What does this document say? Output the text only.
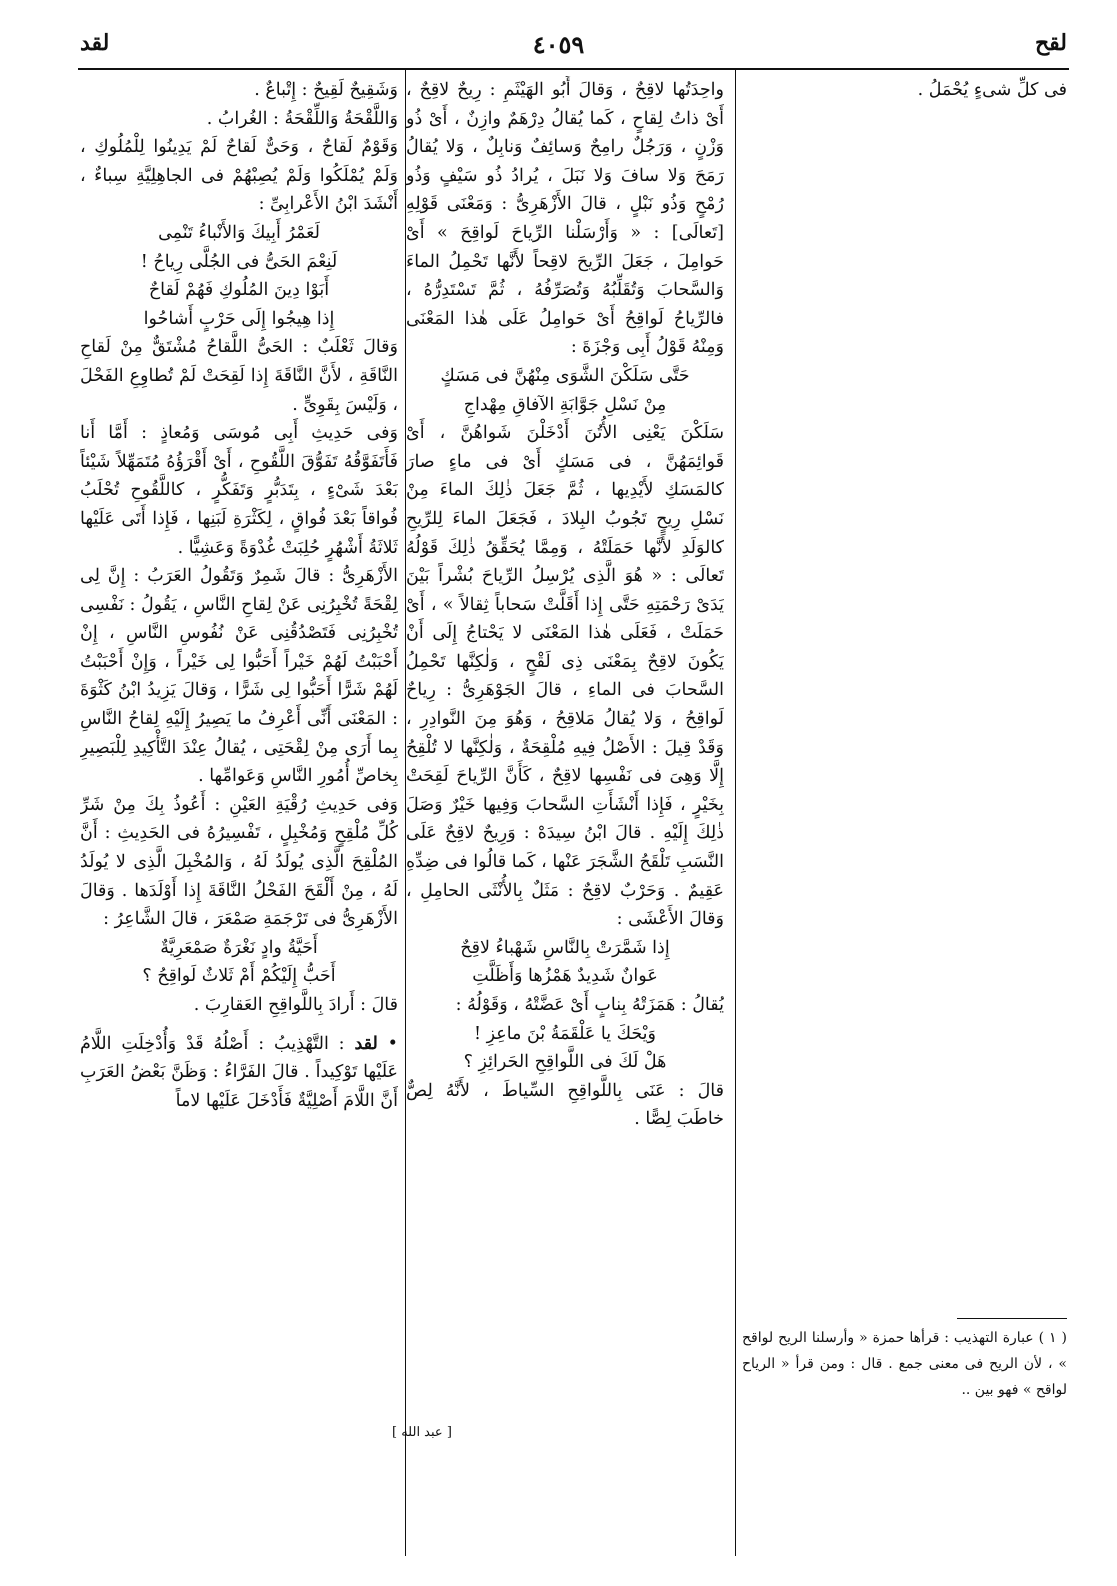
لقح
٤٠٥٩
لقد

فى كلِّ شىءٍ يُحْمَلُ .

واحِدَتُها لاقِحٌ ، وَقالَ أَبُو الهَيْثَمِ : رِيحٌ لاقِحٌ ، أَىْ ذاتُ لِقاحٍ ، كَما يُقالُ دِرْهَمٌ وازِنٌ ، أَىْ ذُو وَزْنٍ ، وَرَجُلٌ رامِحٌ وَسائِفٌ وَنابِلٌ ، وَلا يُقالُ رَمَحَ وَلا سافَ وَلا نَبَلَ ، يُرادُ ذُو سَيْفٍ وَذُو رُمْحٍ وَذُو نَبْلٍ ، قالَ الأَزْهَرِىُّ : وَمَعْنَى قَوْلِهِ [تَعالَى] : « وَأَرْسَلْنا الرِّياحَ لَواقِحَ » أَىْ حَوامِلَ ، جَعَلَ الرِّيحَ لاقِحاً لأَنَّها تَحْمِلُ الماءَ وَالسَّحابَ وَتُقَلِّبُهُ وَتُصَرِّفُهُ ، ثُمَّ تَسْتَدِرُّهُ ، فالرِّياحُ لَواقِحُ أَىْ حَوامِلُ عَلَى هٰذا المَعْنَى وَمِنْهُ قَوْلُ أَبِى وَجْزَةَ :

حَتَّى سَلَكْنَ الشَّوَى مِنْهُنَّ فى مَسَكٍ

مِنْ نَسْلِ جَوَّابَةِ الآفاقِ مِهْداجِ

سَلَكْنَ يَعْنِى الأُتُنَ أَدْخَلْنَ شَواهُنَّ ، أَىْ قَوائِمَهُنَّ ، فى مَسَكٍ أَىْ فى ماءٍ صارَ كالمَسَكِ لأَيْدِيها ، ثُمَّ جَعَلَ ذٰلِكَ الماءَ مِنْ نَسْلِ رِيحٍ تَجُوبُ البِلادَ ، فَجَعَلَ الماءَ لِلرِّيحِ كالوَلَدِ لأَنَّها حَمَلَتْهُ ، وَمِمَّا يُحَقِّقُ ذٰلِكَ قَوْلُهُ تَعالَى : « هُوَ الَّذِى يُرْسِلُ الرِّياحَ بُشْراً بَيْنَ يَدَىْ رَحْمَتِهِ حَتَّى إِذا أَقَلَّتْ سَحاباً ثِقالاً » ، أَىْ حَمَلَتْ ، فَعَلَى هٰذا المَعْنَى لا يَحْتاجُ إِلَى أَنْ يَكُونَ لاقِحٌ بِمَعْنَى ذِى لَقْحٍ ، وَلٰكِنَّها تَحْمِلُ السَّحابَ فى الماءِ ، قالَ الجَوْهَرِىُّ : رِياحٌ لَواقِحُ ، وَلا يُقالُ مَلاقِحُ ، وَهُوَ مِنَ النَّوادِرِ ، وَقَدْ قِيلَ : الأَصْلُ فِيهِ مُلْقِحَةٌ ، وَلٰكِنَّها لا تُلْقِحُ إِلَّا وَهِىَ فى نَفْسِها لاقِحٌ ، كَأَنَّ الرِّياحَ لَقِحَتْ بِخَيْرٍ ، فَإِذا أَنْشَأَتِ السَّحابَ وَفِيها خَيْرٌ وَصَلَ ذٰلِكَ إِلَيْهِ . قالَ ابْنُ سِيدَهْ : وَرِيحٌ لاقِحٌ عَلَى النَّسَبِ تَلْقَحُ الشَّجَرَ عَنْها ، كَما قالُوا فى ضِدِّهِ عَقِيمٌ . وَحَرْبٌ لاقِحٌ : مَثَلٌ بِالأُنْثَى الحامِلِ ، وَقالَ الأَعْشَى :

إِذا شَمَّرَتْ بِالنَّاسِ شَهْباءُ لاقِحٌ

عَوانٌ شَدِيدٌ هَمْزُها وَأَظَلَّتِ

يُقالُ : هَمَزَتْهُ بِنابٍ أَىْ عَضَّتْهُ ، وَقَوْلُهُ :

وَيْحَكَ يا عَلْقَمَةُ بْنَ ماعِزِ !

هَلْ لَكَ فى اللَّواقِحِ الحَرائِزِ ؟

قالَ : عَنَى بِاللَّواقِحِ السِّياطَ ، لأَنَّهُ لِصٌّ خاطَبَ لِصًّا .

وَشَقِيحٌ لَقِيحٌ : إِتْباعٌ .

وَاللَّقْحَةُ وَاللِّقْحَةُ : الغُرابُ .

وَقَوْمٌ لَقاحٌ ، وَحَىٌّ لَقاحٌ لَمْ يَدِينُوا لِلْمُلُوكِ ، وَلَمْ يُمْلَكُوا وَلَمْ يُصِبْهُمْ فى الجاهِلِيَّةِ سِباءٌ ، أَنْشَدَ ابْنُ الأَعْرابِىِّ :

لَعَمْرُ أَبِيكَ وَالأَنْباءُ تَنْمِى

لَنِعْمَ الحَىُّ فى الجُلَّى رِياحُ !

أَبَوْا دِينَ المُلُوكِ فَهُمْ لَقاحٌ

إِذا هِيجُوا إِلَى حَرْبٍ أَشاحُوا

وَقالَ ثَعْلَبٌ : الحَىُّ اللَّقاحُ مُشْتَقٌّ مِنْ لَقاحِ النَّاقَةِ ، لأَنَّ النَّاقَةَ إِذا لَقِحَتْ لَمْ تُطاوِعِ الفَحْلَ ، وَلَيْسَ بِقَوِىٍّ .

وَفى حَدِيثِ أَبِى مُوسَى وَمُعاذٍ : أَمَّا أَنا فَأَتَفَوَّقُهُ تَفَوُّقَ اللَّقُوحِ ، أَىْ أَقْرَؤُهُ مُتَمَهِّلاً شَيْئاً بَعْدَ شَىْءٍ ، بِتَدَبُّرٍ وَتَفَكُّرٍ ، كاللَّقُوحِ تُحْلَبُ فُواقاً بَعْدَ فُواقٍ ، لِكَثْرَةِ لَبَنِها ، فَإِذا أَتَى عَلَيْها ثَلاثَةُ أَشْهُرٍ حُلِبَتْ غُدْوَةً وَعَشِيًّا .

الأَزْهَرِىُّ : قالَ شَمِرٌ وَتَقُولُ العَرَبُ : إِنَّ لِى لِقْحَةً تُخْبِرُنِى عَنْ لِقاحِ النَّاسِ ، يَقُولُ : نَفْسِى تُخْبِرُنِى فَتَصْدُقُنِى عَنْ نُفُوسِ النَّاسِ ، إِنْ أَحْبَبْتُ لَهُمْ خَيْراً أَحَبُّوا لِى خَيْراً ، وَإِنْ أَحْبَبْتُ لَهُمْ شَرًّا أَحَبُّوا لِى شَرًّا ، وَقالَ يَزِيدُ ابْنُ كَثْوَةَ : المَعْنَى أَنِّى أَعْرِفُ ما يَصِيرُ إِلَيْهِ لِقاحُ النَّاسِ بِما أَرَى مِنْ لِقْحَتِى ، يُقالُ عِنْدَ التَّأْكِيدِ لِلْبَصِيرِ بِخاصِّ أُمُورِ النَّاسِ وَعَوامِّها .

وَفى حَدِيثِ رُقْيَةِ العَيْنِ : أَعُوذُ بِكَ مِنْ شَرِّ كُلِّ مُلْقِحٍ وَمُخْبِلٍ ، تَفْسِيرُهُ فى الحَدِيثِ : أَنَّ المُلْقِحَ الَّذِى يُولَدُ لَهُ ، وَالمُخْبِلَ الَّذِى لا يُولَدُ لَهُ ، مِنْ أَلْقَحَ الفَحْلُ النَّاقَةَ إِذا أَوْلَدَها . وَقالَ الأَزْهَرِىُّ فى تَرْجَمَةِ صَمْعَرَ ، قالَ الشَّاعِرُ :

أَحَيَّةُ وادٍ نَغْرَةٌ صَمْعَرِيَّةٌ

أَحَبُّ إِلَيْكُمْ أَمْ ثَلاثٌ لَواقِحُ ؟

قالَ : أَرادَ بِاللَّواقِحِ العَقارِبَ .

• لقد : التَّهْذِيبُ : أَصْلُهُ قَدْ وَأُدْخِلَتِ اللَّامُ عَلَيْها تَوْكِيداً . قالَ الفَرَّاءُ : وَظَنَّ بَعْضُ العَرَبِ أَنَّ اللَّامَ أَصْلِيَّةٌ فَأَدْخَلَ عَلَيْها لاماً

( ١ ) عبارة التهذيب : قرأها حمزة « وأرسلنا الريح لواقح » ، لأن الريح فى معنى جمع . قال : ومن قرأ « الرياح لواقح » فهو بين ..
[ عبد الله ]
